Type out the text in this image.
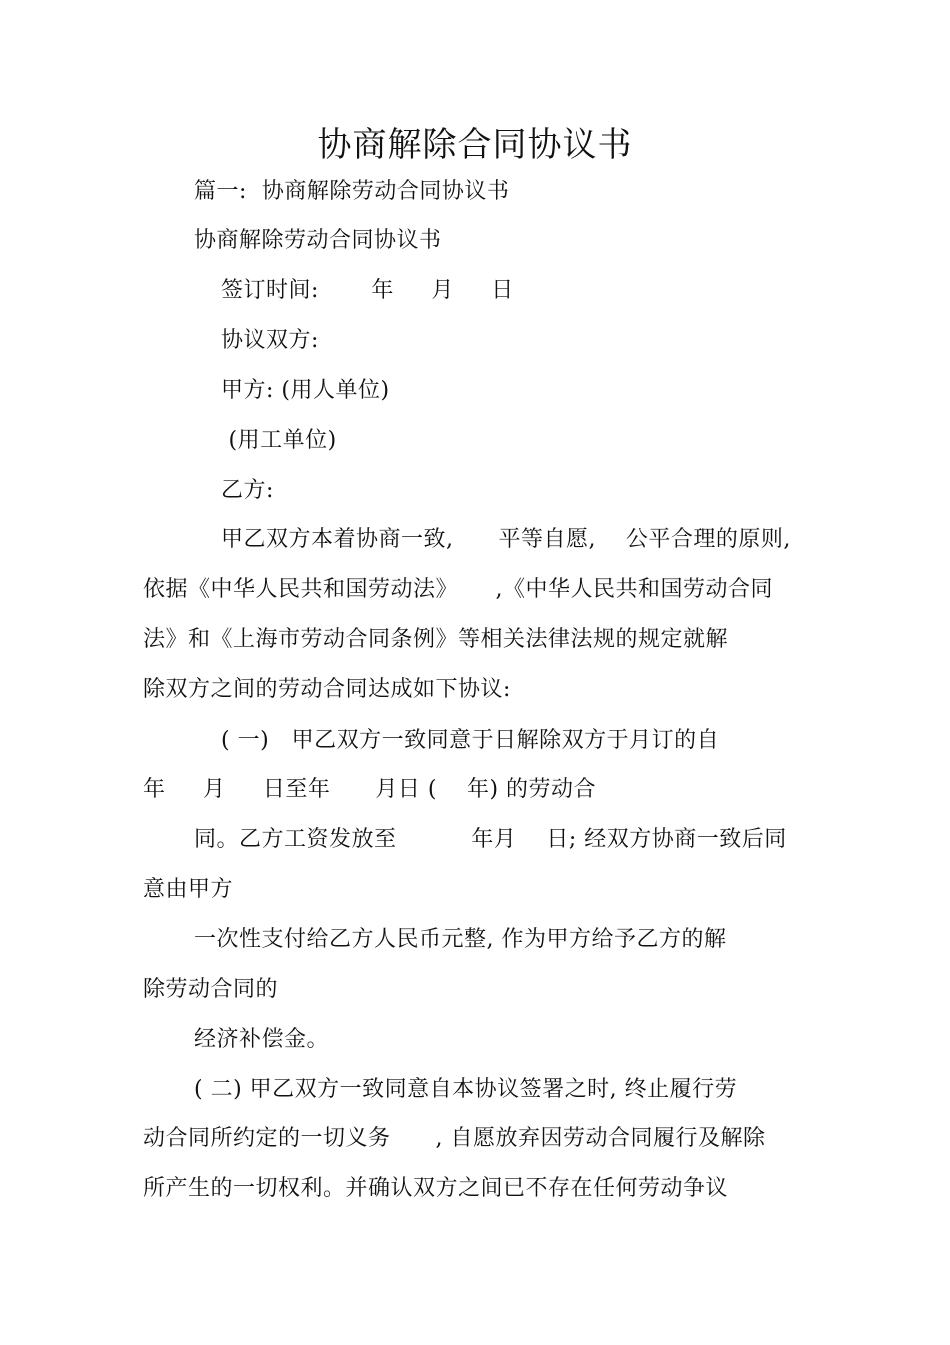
协商解除合同协议书
篇一:  协商解除劳动合同协议书
协商解除劳动合同协议书
签订时间:       年     月     日
协议双方:
甲方: (用人单位)
(用工单位)
乙方:
甲乙双方本着协商一致,      平等自愿,    公平合理的原则,
依据《中华人民共和国劳动法》     ,《中华人民共和国劳动合同
法》和《上海市劳动合同条例》等相关法律法规的规定就解
除双方之间的劳动合同达成如下协议:
( 一)   甲乙双方一致同意于日解除双方于月订的自
年     月     日至年      月日 (    年) 的劳动合
同。乙方工资发放至          年月    日; 经双方协商一致后同
意由甲方
一次性支付给乙方人民币元整, 作为甲方给予乙方的解
除劳动合同的
经济补偿金。
( 二) 甲乙双方一致同意自本协议签署之时, 终止履行劳
动合同所约定的一切义务      , 自愿放弃因劳动合同履行及解除
所产生的一切权利。并确认双方之间已不存在任何劳动争议
